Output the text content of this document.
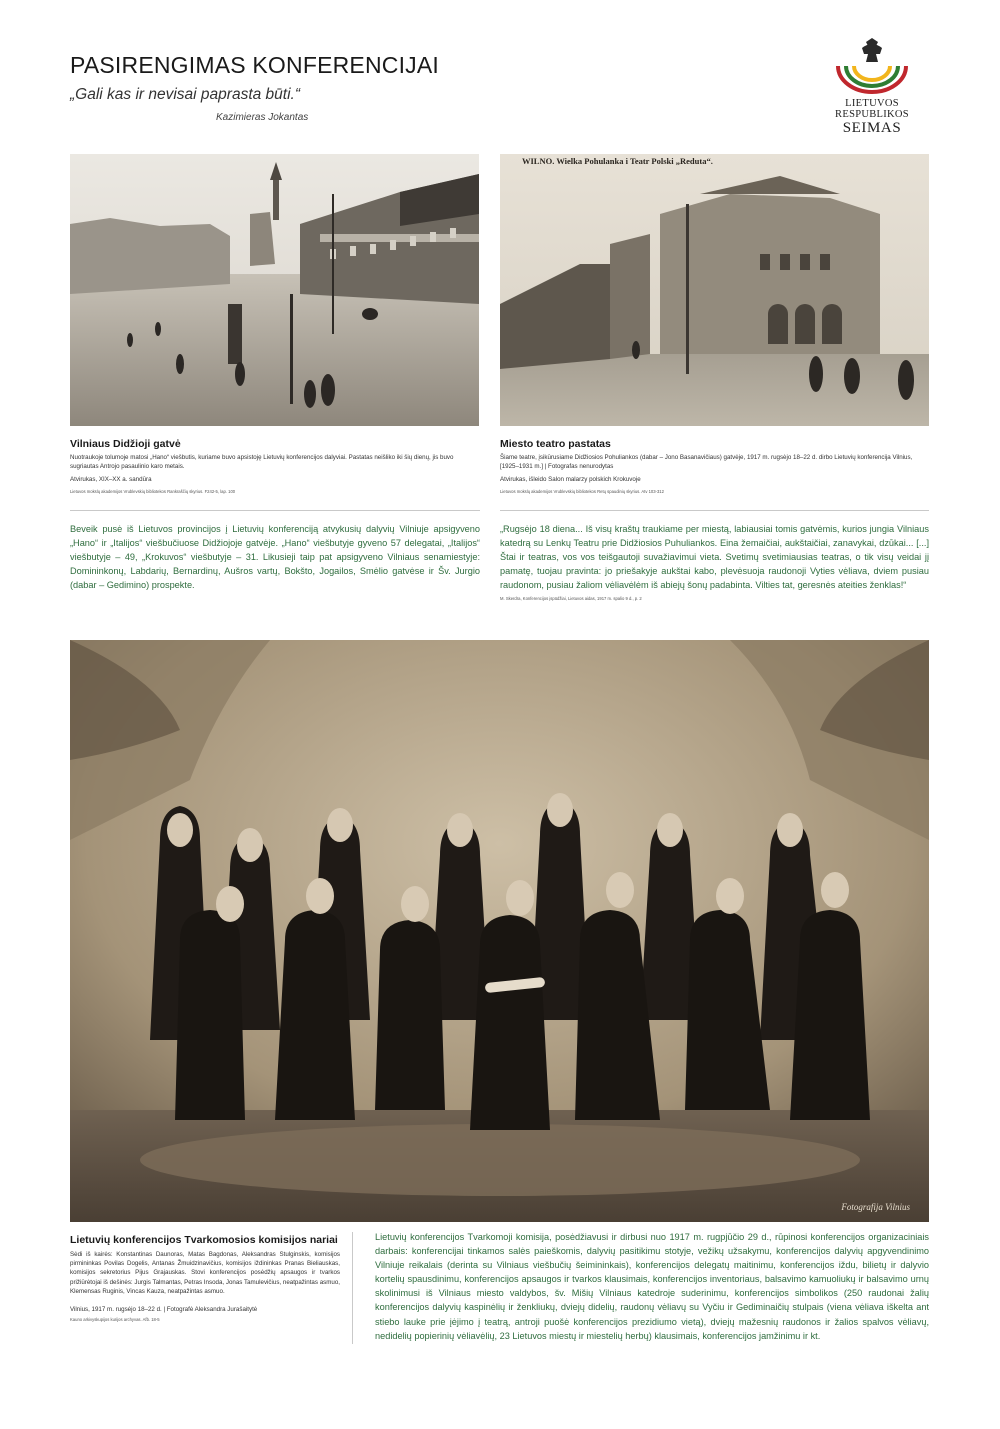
PASIRENGIMAS KONFERENCIJAI
„Gali kas ir nevisai paprasta būti.“
Kazimieras Jokantas
LIETUVOS RESPUBLIKOS
SEIMAS
WILNO. Wielka Pohulanka i Teatr Polski „Reduta“.
Vilniaus Didžioji gatvė
Nuotraukoje tolumoje matosi „Hano“ viešbutis, kuriame buvo apsistoję Lietuvių konferencijos dalyviai. Pastatas neišliko iki šių dienų, jis buvo sugriautas Antrojo pasaulinio karo metais.
Atvirukas, XIX–XX a. sandūra
Lietuvos mokslų akademijos Vrublevskių bibliotekos Rankraščių skyrius. F242-5, lap. 100
Miesto teatro pastatas
Šiame teatre, įsikūrusiame Didžiosios Pohuliankos (dabar – Jono Basanavičiaus) gatvėje, 1917 m. rugsėjo 18–22 d. dirbo Lietuvių konferencija Vilnius, [1925–1931 m.] | Fotografas nenurodytas
Atvirukas, išleido Salon malarzy polskich Krokuvoje
Lietuvos mokslų akademijos Vrublevskių bibliotekos Retų spaudinių skyrius. Atv 103-312
Beveik pusė iš Lietuvos provincijos į Lietuvių konferenciją atvykusių dalyvių Vilniuje apsigyveno „Hano“ ir „Italijos“ viešbučiuose Didžiojoje gatvėje. „Hano“ viešbutyje gyveno 57 delegatai, „Italijos“ viešbutyje – 49, „Krokuvos“ viešbutyje – 31. Likusieji taip pat apsigyveno Vilniaus senamiestyje: Domininkonų, Labdarių, Bernardinų, Aušros vartų, Bokšto, Jogailos, Smėlio gatvėse ir Šv. Jurgio (dabar – Gedimino) prospekte.
„Rugsėjo 18 diena... Iš visų kraštų traukiame per miestą, labiausiai tomis gatvėmis, kurios jungia Vilniaus katedrą su Lenkų Teatru prie Didžiosios Puhuliankos. Eina žemaičiai, aukštaičiai, zanavykai, dzūkai... [...] Štai ir teatras, vos vos teišgautoji suvažiavimui vieta. Svetimų svetimiausias teatras, o tik visų veidai jį pamatę, tuojau pravinta: jo priešakyje aukštai kabo, plevėsuoja raudonoji Vyties vėliava, dviem pusiau raudonom, pusiau žaliom vėliavėlėm iš abiejų šonų padabinta. Vilties tat, geresnės ateities ženklas!“
M. Skerdra, Konferencijos įspūdžiai, Lietuvos aidas, 1917 m. spalio 9 d., p. 2
Fotografija Vilnius
Lietuvių konferencijos Tvarkomosios komisijos nariai
Sėdi iš kairės: Konstantinas Daunoras, Matas Bagdonas, Aleksandras Stulginskis, komisijos pirmininkas Povilas Dogelis, Antanas Žmuidzinavičius, komisijos iždininkas Pranas Bieliauskas, komisijos sekretorius Pijus Grajauskas. Stovi konferencijos posėdžių apsaugos ir tvarkos prižiūrėtojai iš dešinės: Jurgis Talmantas, Petras Insoda, Jonas Tamulevičius, neatpažintas asmuo, Klemensas Ruginis, Vincas Kauza, neatpažintas asmuo.
Vilnius, 1917 m. rugsėjo 18–22 d. | Fotografė Aleksandra Jurašaitytė
Kauno arkivyskupijos kurijos archyvas. Afb. 18-5
Lietuvių konferencijos Tvarkomoji komisija, posėdžiavusi ir dirbusi nuo 1917 m. rugpjūčio 29 d., rūpinosi konferencijos organizaciniais darbais: konferencijai tinkamos salės paieškomis, dalyvių pasitikimu stotyje, vežikų užsakymu, konferencijos dalyvių apgyvendinimo Vilniuje reikalais (derinta su Vilniaus viešbučių šeimininkais), konferencijos delegatų maitinimu, konferencijos iždu, bilietų ir dalyvio kortelių spausdinimu, konferencijos apsaugos ir tvarkos klausimais, konferencijos inventoriaus, balsavimo kamuoliukų ir balsavimo urnų skolinimusi iš Vilniaus miesto valdybos, šv. Mišių Vilniaus katedroje suderinimu, konferencijos simbolikos (250 raudonai žalių konferencijos dalyvių kaspinėlių ir ženkliukų, dviejų didelių, raudonų vėliavų su Vyčiu ir Gediminaičių stulpais (viena vėliava iškelta ant stiebo lauke prie įėjimo į teatrą, antroji puošė konferencijos prezidiumo vietą), dviejų mažesnių raudonos ir žalios spalvos vėliavų, nedidelių popierinių vėliavėlių, 23 Lietuvos miestų ir miestelių herbų) klausimais, konferencijos jamžinimu ir kt.
